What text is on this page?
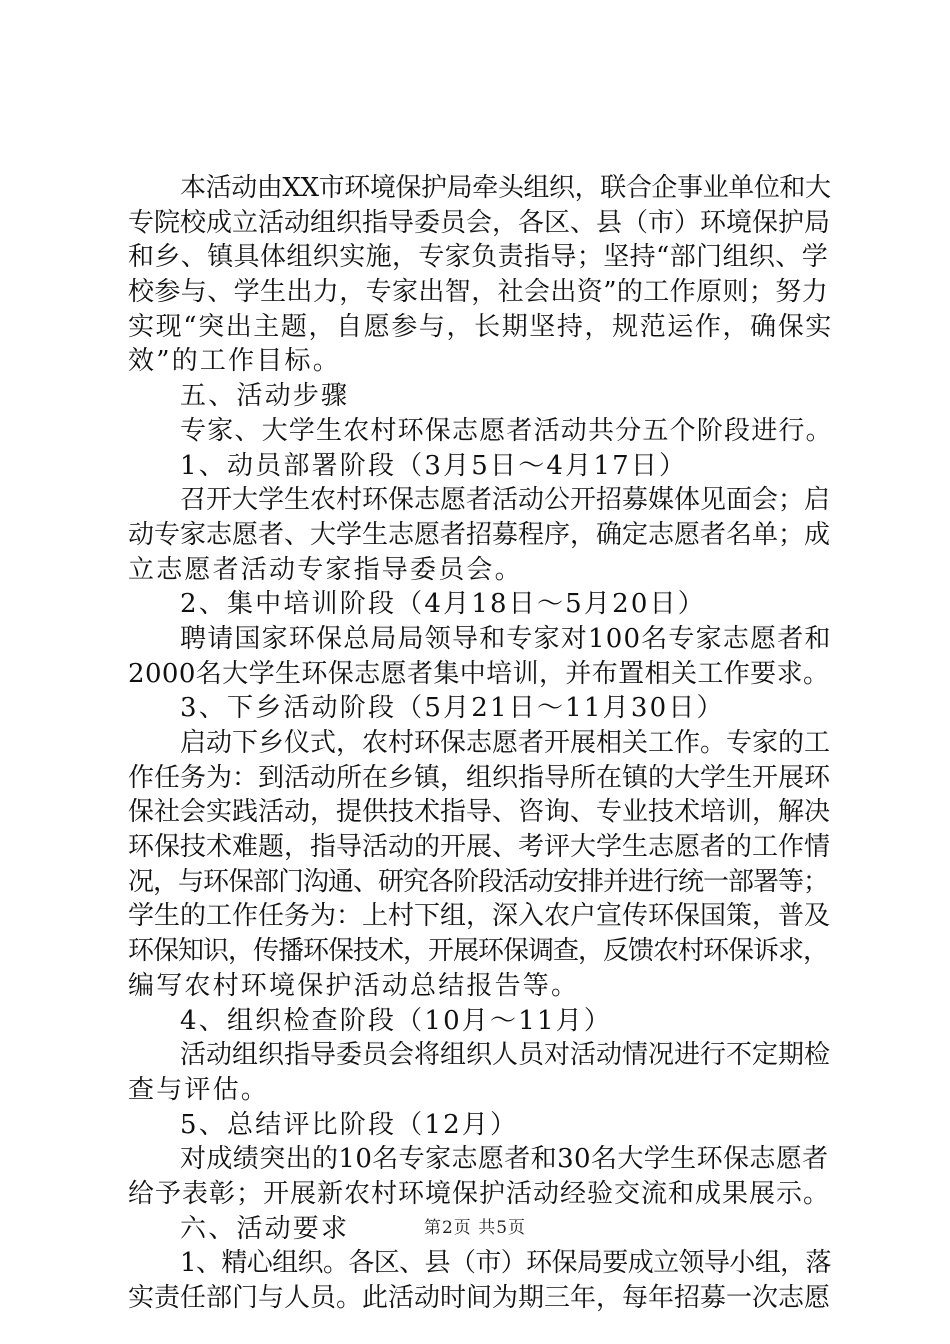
本活动由XX市环境保护局牵头组织，联合企事业单位和大
专院校成立活动组织指导委员会，各区、县（市）环境保护局
和乡、镇具体组织实施，专家负责指导；坚持“部门组织、学
校参与、学生出力，专家出智，社会出资”的工作原则；努力
实现“突出主题，自愿参与，长期坚持，规范运作，确保实
效”的工作目标。
五、活动步骤
专家、大学生农村环保志愿者活动共分五个阶段进行。
1、动员部署阶段（3月5日～4月17日）
召开大学生农村环保志愿者活动公开招募媒体见面会；启
动专家志愿者、大学生志愿者招募程序，确定志愿者名单；成
立志愿者活动专家指导委员会。
2、集中培训阶段（4月18日～5月20日）
聘请国家环保总局局领导和专家对100名专家志愿者和
2000名大学生环保志愿者集中培训，并布置相关工作要求。
3、下乡活动阶段（5月21日～11月30日）
启动下乡仪式，农村环保志愿者开展相关工作。专家的工
作任务为：到活动所在乡镇，组织指导所在镇的大学生开展环
保社会实践活动，提供技术指导、咨询、专业技术培训，解决
环保技术难题，指导活动的开展、考评大学生志愿者的工作情
况，与环保部门沟通、研究各阶段活动安排并进行统一部署等；
学生的工作任务为：上村下组，深入农户宣传环保国策，普及
环保知识，传播环保技术，开展环保调查，反馈农村环保诉求，
编写农村环境保护活动总结报告等。
4、组织检查阶段（10月～11月）
活动组织指导委员会将组织人员对活动情况进行不定期检
查与评估。
5、总结评比阶段（12月）
对成绩突出的10名专家志愿者和30名大学生环保志愿者
给予表彰；开展新农村环境保护活动经验交流和成果展示。
六、活动要求
1、精心组织。各区、县（市）环保局要成立领导小组，落
实责任部门与人员。此活动时间为期三年，每年招募一次志愿
第2页 共5页
